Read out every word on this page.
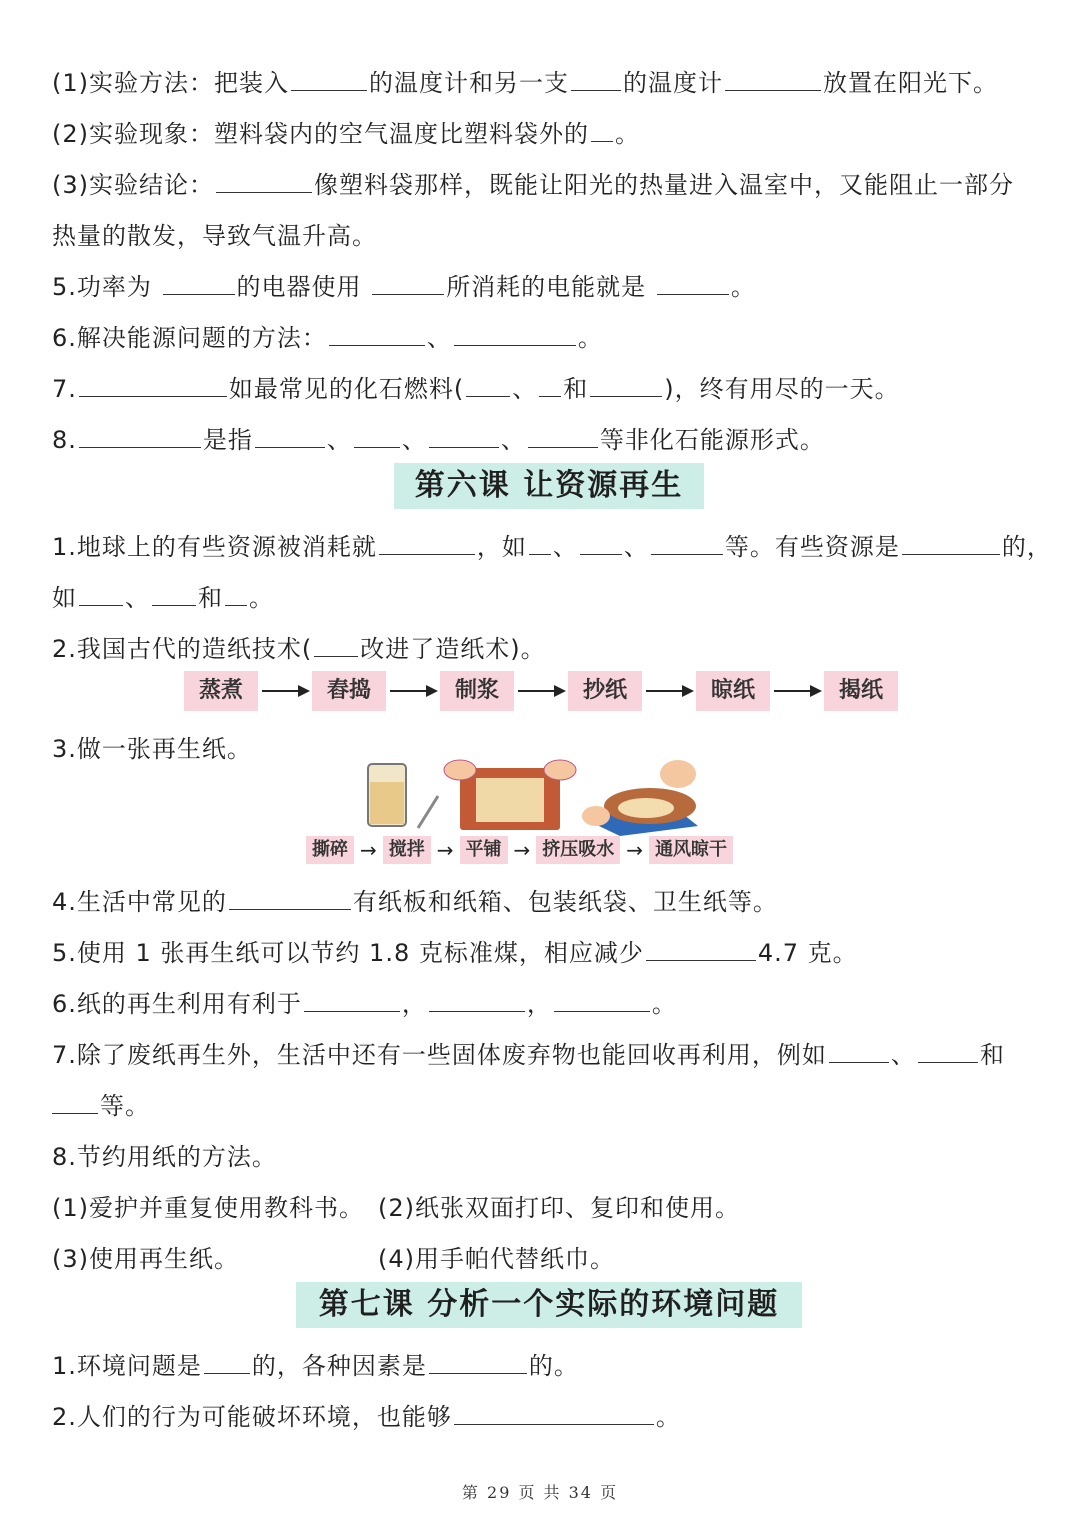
(1)实验方法：把装入	的温度计和另一支 的温度计	放置在阳光下。
(2)实验现象：塑料袋内的空气温度比塑料袋外的 。
(3)实验结论：	像塑料袋那样，既能让阳光的热量进入温室中，又能阻止一部分
热量的散发，导致气温升高。
5.功率为	的电器使用	所消耗的电能就是	。
6.解决能源问题的方法：	、	。
7.	如最常见的化石燃料( 、 和	)，终有用尽的一天。
8.	是指	、 、	、	等非化石能源形式。
第六课 让资源再生
1.地球上的有些资源被消耗就	，如 、 、	等。有些资源是	的，
如 、 和 。
2.我国古代的造纸技术( 改进了造纸术)。
蒸煮	舂捣	制浆	抄纸	晾纸	揭纸
3.做一张再生纸。
撕碎 → 搅拌 → 平铺 → 挤压吸水 → 通风晾干
4.生活中常见的	有纸板和纸箱、包装纸袋、卫生纸等。
5.使用 1 张再生纸可以节约 1.8 克标准煤，相应减少	4.7 克。
6.纸的再生利用有利于	，	，	。
7.除了废纸再生外，生活中还有一些固体废弃物也能回收再利用，例如	、	和
等。
8.节约用纸的方法。
(1)爱护并重复使用教科书。 (2)纸张双面打印、复印和使用。
(3)使用再生纸。	(4)用手帕代替纸巾。
第七课 分析一个实际的环境问题
1.环境问题是 的，各种因素是	的。
2.人们的行为可能破坏环境，也能够	。
第 29 页 共 34 页
